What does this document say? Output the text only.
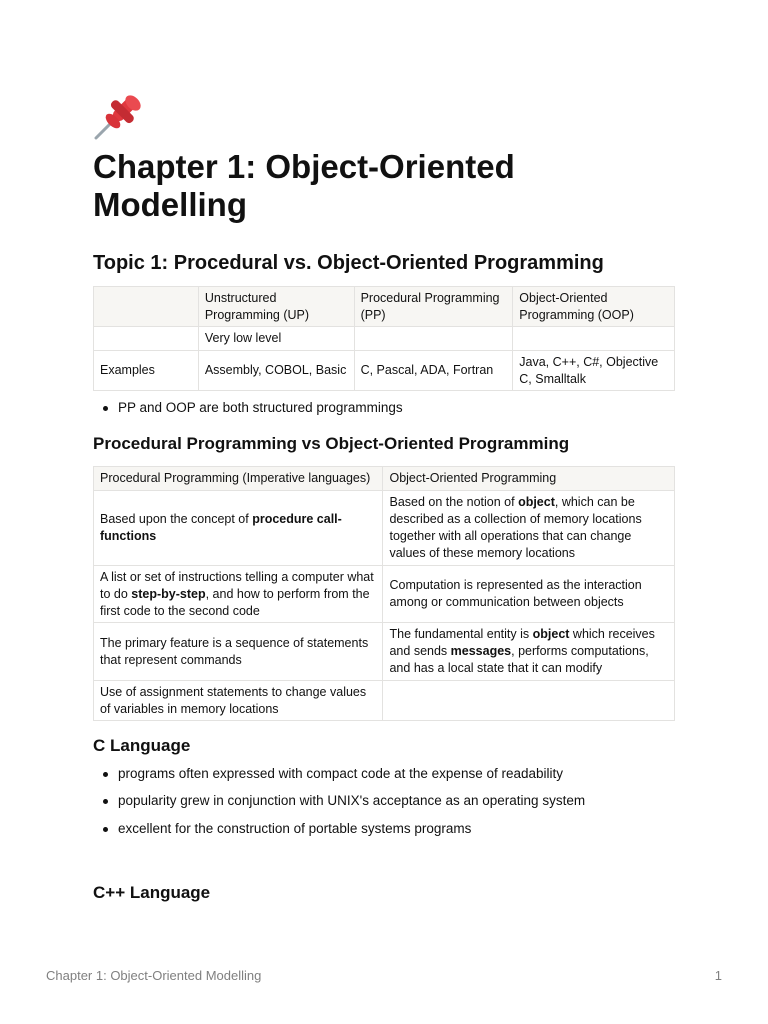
Chapter 1: Object-Oriented Modelling
Topic 1: Procedural vs. Object-Oriented Programming
	Unstructured Programming (UP)	Procedural Programming (PP)	Object-Oriented Programming (OOP)
	Very low level		
Examples	Assembly, COBOL, Basic	C, Pascal, ADA, Fortran	Java, C++, C#, Objective C, Smalltalk
PP and OOP are both structured programmings
Procedural Programming vs Object-Oriented Programming
Procedural Programming (Imperative languages)	Object-Oriented Programming
Based upon the concept of procedure call-functions	Based on the notion of object, which can be described as a collection of memory locations together with all operations that can change values of these memory locations
A list or set of instructions telling a computer what to do step-by-step, and how to perform from the first code to the second code	Computation is represented as the interaction among or communication between objects
The primary feature is a sequence of statements that represent commands	The fundamental entity is object which receives and sends messages, performs computations, and has a local state that it can modify
Use of assignment statements to change values of variables in memory locations	
C Language
programs often expressed with compact code at the expense of readability
popularity grew in conjunction with UNIX's acceptance as an operating system
excellent for the construction of portable systems programs
C++ Language
Chapter 1: Object-Oriented Modelling	1
